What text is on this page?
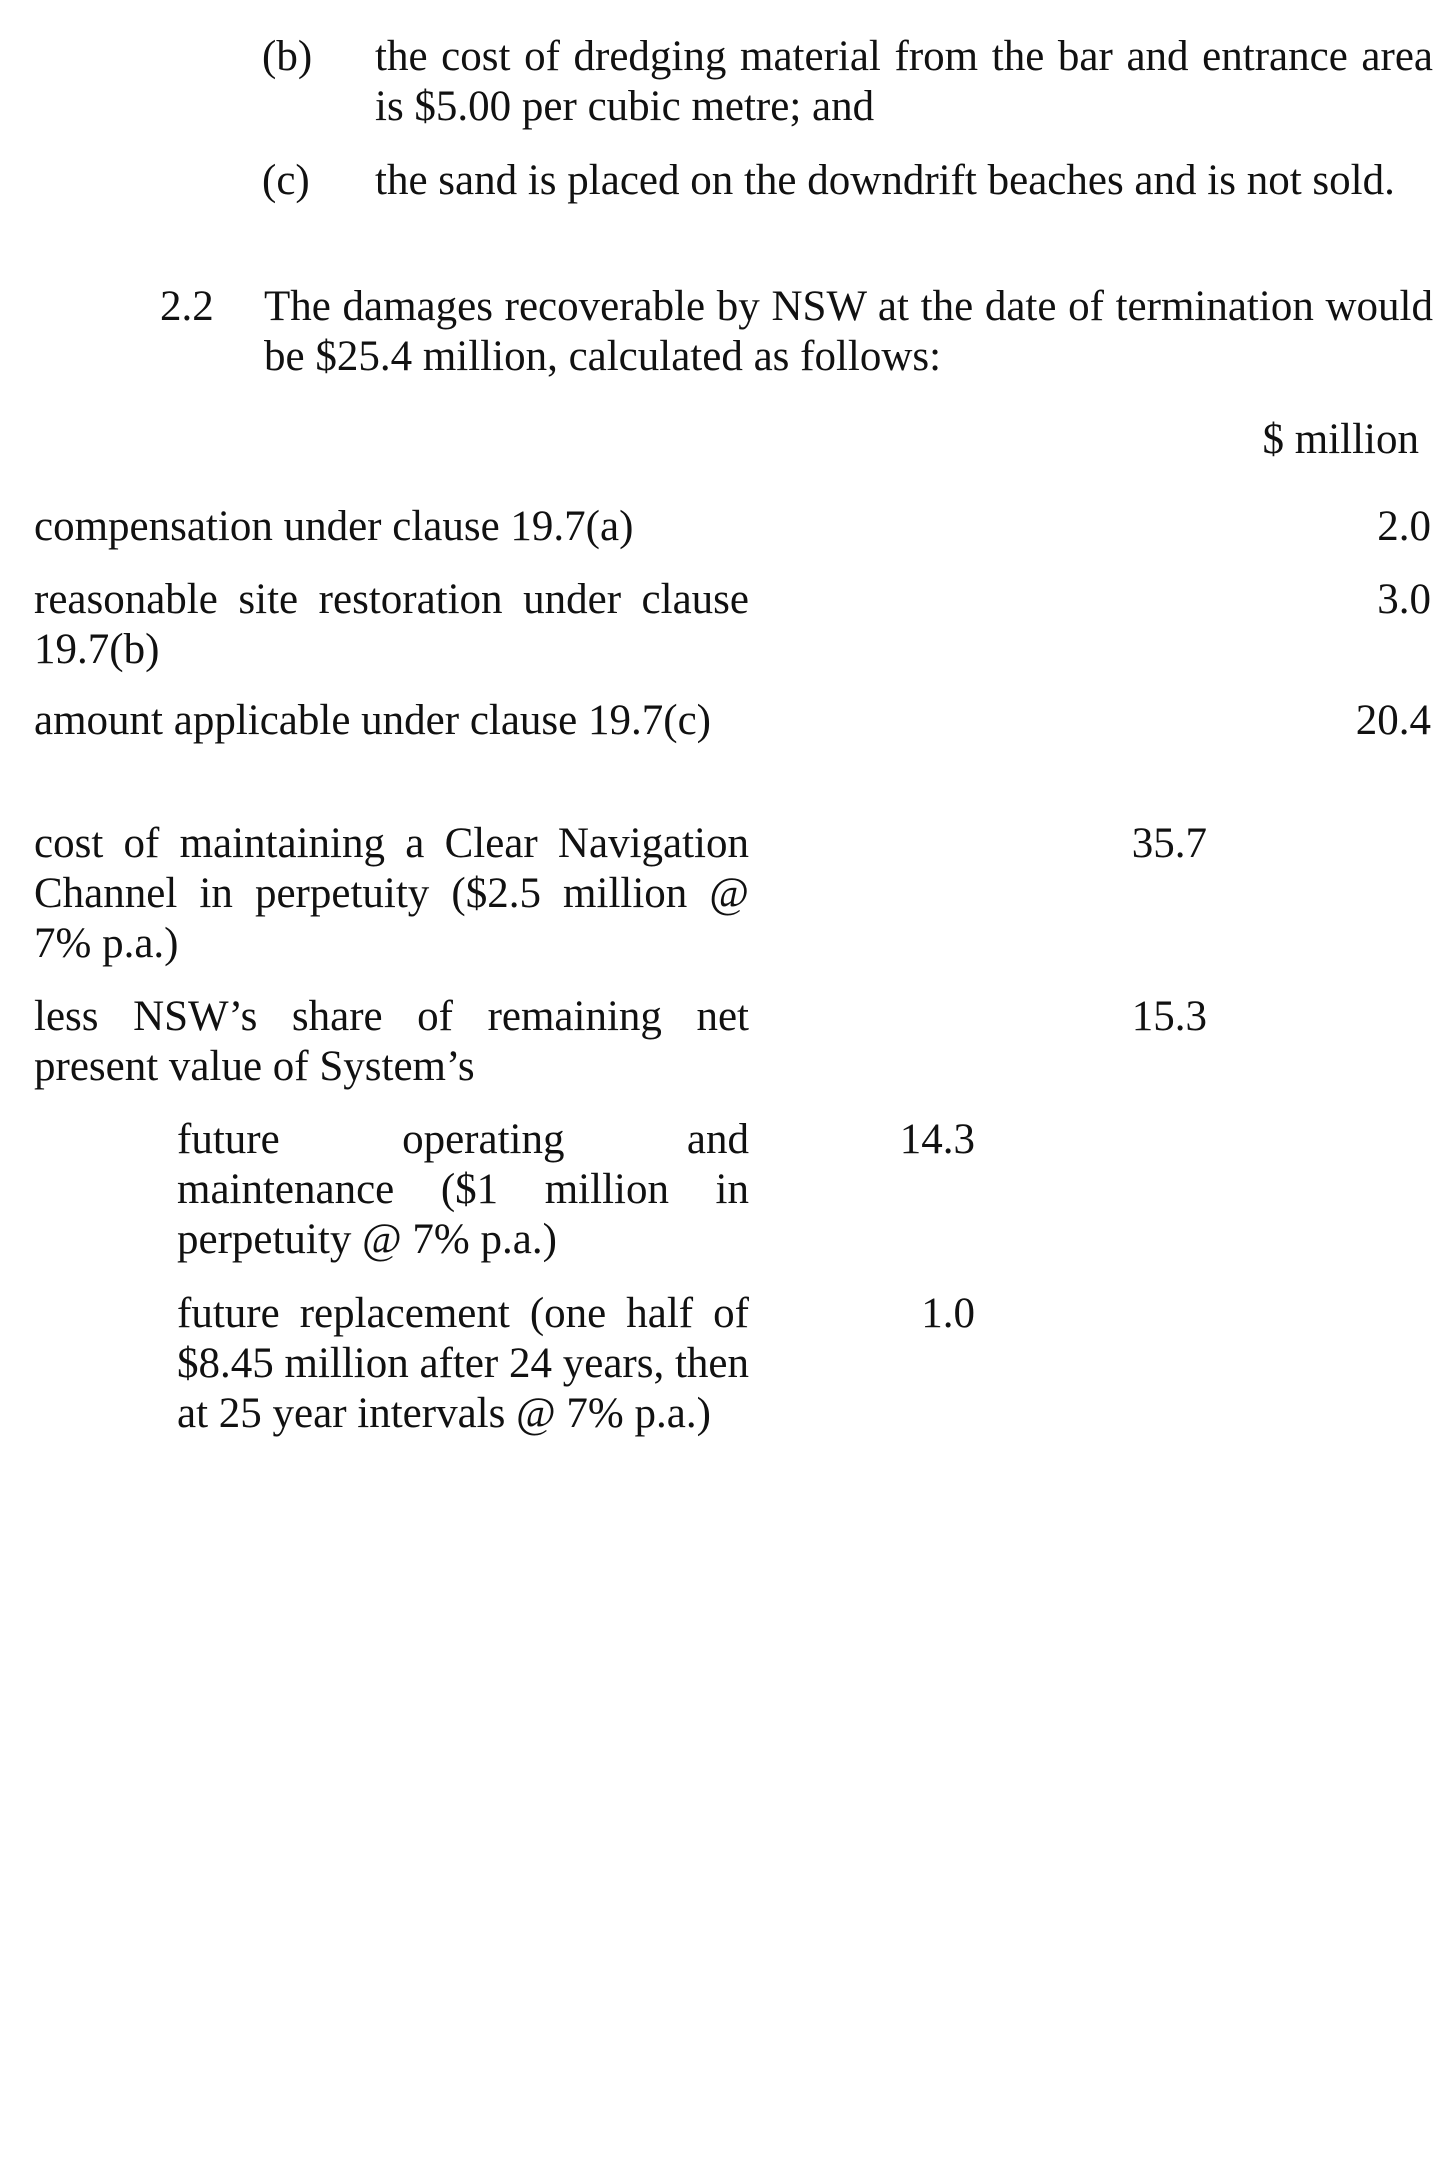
(b) the cost of dredging material from the bar and entrance area is $5.00 per cubic metre; and
(c) the sand is placed on the downdrift beaches and is not sold.
2.2 The damages recoverable by NSW at the date of termination would be $25.4 million, calculated as follows:
$ million
compensation under clause 19.7(a)	2.0
reasonable site restoration under clause 19.7(b)
3.0
amount applicable under clause 19.7(c)	20.4
cost of maintaining a Clear Navigation Channel in perpetuity ($2.5 million @ 7% p.a.)
35.7
less NSW’s share of remaining net present value of System’s
15.3
future operating and maintenance ($1 million in perpetuity @ 7% p.a.)
14.3
future replacement (one half of $8.45 million after 24 years, then at 25 year intervals @ 7% p.a.)
1.0
